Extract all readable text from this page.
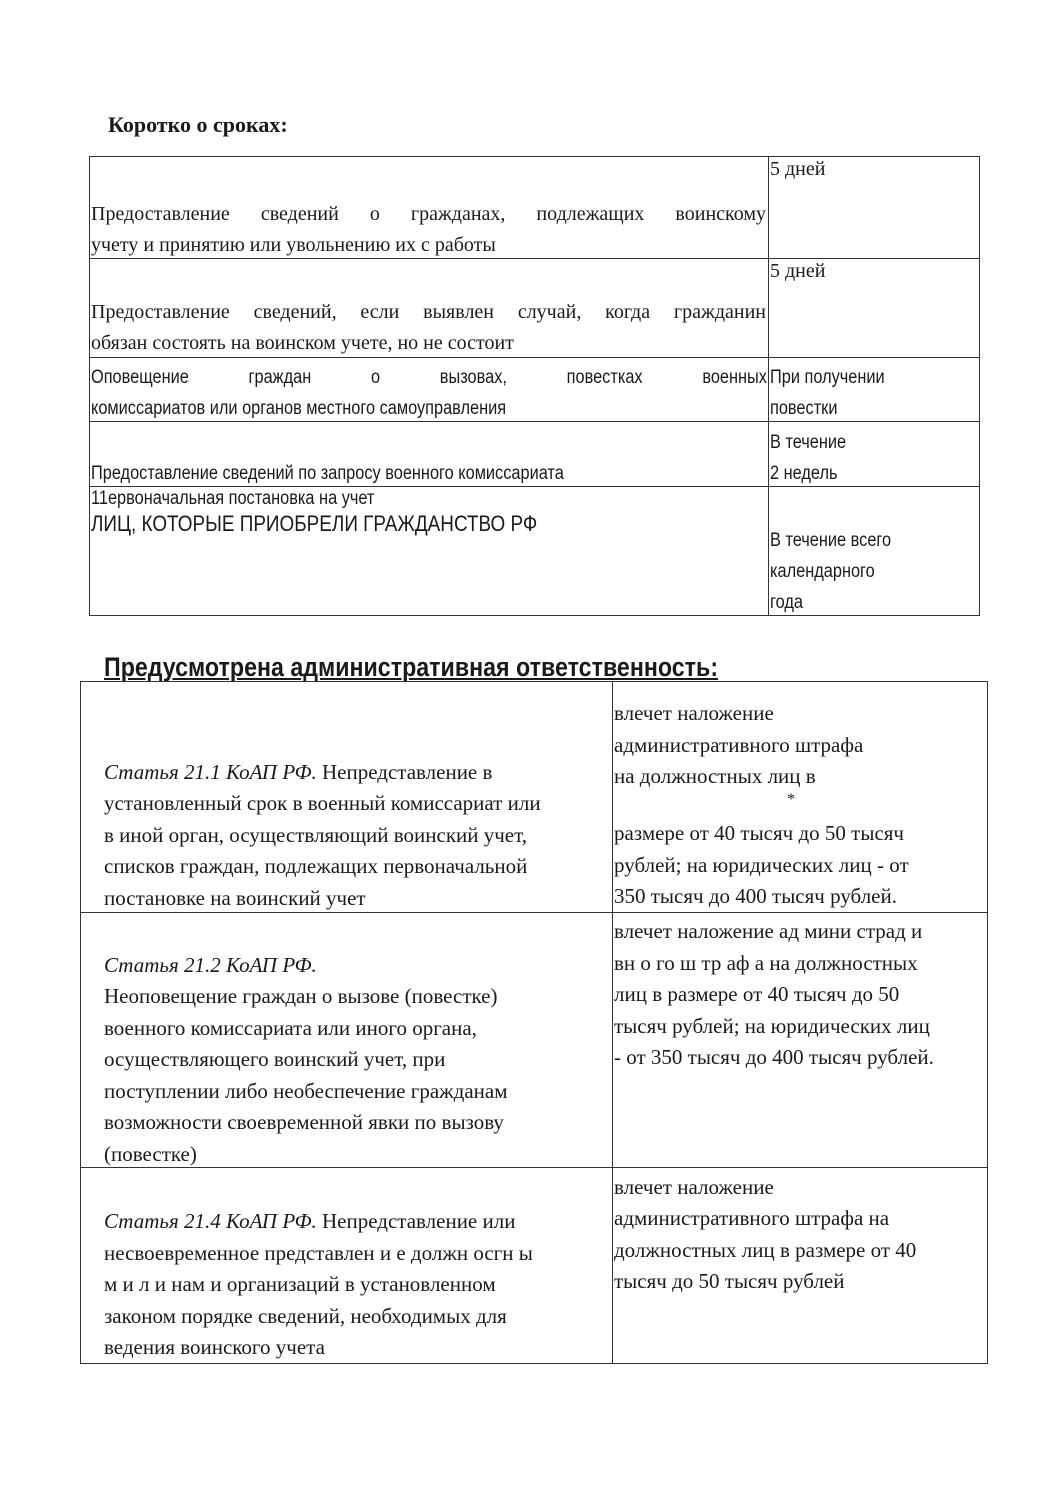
Коротко о сроках:
Предоставление сведений о гражданах, подлежащих воинскому
учету и принятию или увольнению их с работы
5 дней
Предоставление сведений, если выявлен случай, когда гражданин
обязан состоять на воинском учете, но не состоит
5 дней
Оповещение граждан о вызовах, повестках военных
комиссариатов или органов местного самоуправления
При получении
повестки
Предоставление сведений по запросу военного комиссариата
В течение
2 недель
11ервоначальная постановка на учет
ЛИЦ, КОТОРЫЕ ПРИОБРЕЛИ ГРАЖДАНСТВО РФ
В течение всего
календарного
года
Предусмотрена административная ответственность:
Статья 21.1 КоАП РФ. Непредставление в
установленный срок в военный комиссариат или
в иной орган, осуществляющий воинский учет,
списков граждан, подлежащих первоначальной
постановке на воинский учет
влечет наложение
административного штрафа
на должностных лиц в
*
размере от 40 тысяч до 50 тысяч
рублей; на юридических лиц - от
350 тысяч до 400 тысяч рублей.
Статья 21.2 КоАП РФ.
Неоповещение граждан о вызове (повестке)
военного комиссариата или иного органа,
осуществляющего воинский учет, при
поступлении либо необеспечение гражданам
возможности своевременной явки по вызову
(повестке)
влечет наложение ад мини страд и
вн о го ш тр аф а на должностных
лиц в размере от 40 тысяч до 50
тысяч рублей; на юридических лиц
- от 350 тысяч до 400 тысяч рублей.
Статья 21.4 КоАП РФ. Непредставление или
несвоевременное представлен и е должн осгн ы
м и л и нам и организаций в установленном
законом порядке сведений, необходимых для
ведения воинского учета
влечет наложение
административного штрафа на
должностных лиц в размере от 40
тысяч до 50 тысяч рублей
